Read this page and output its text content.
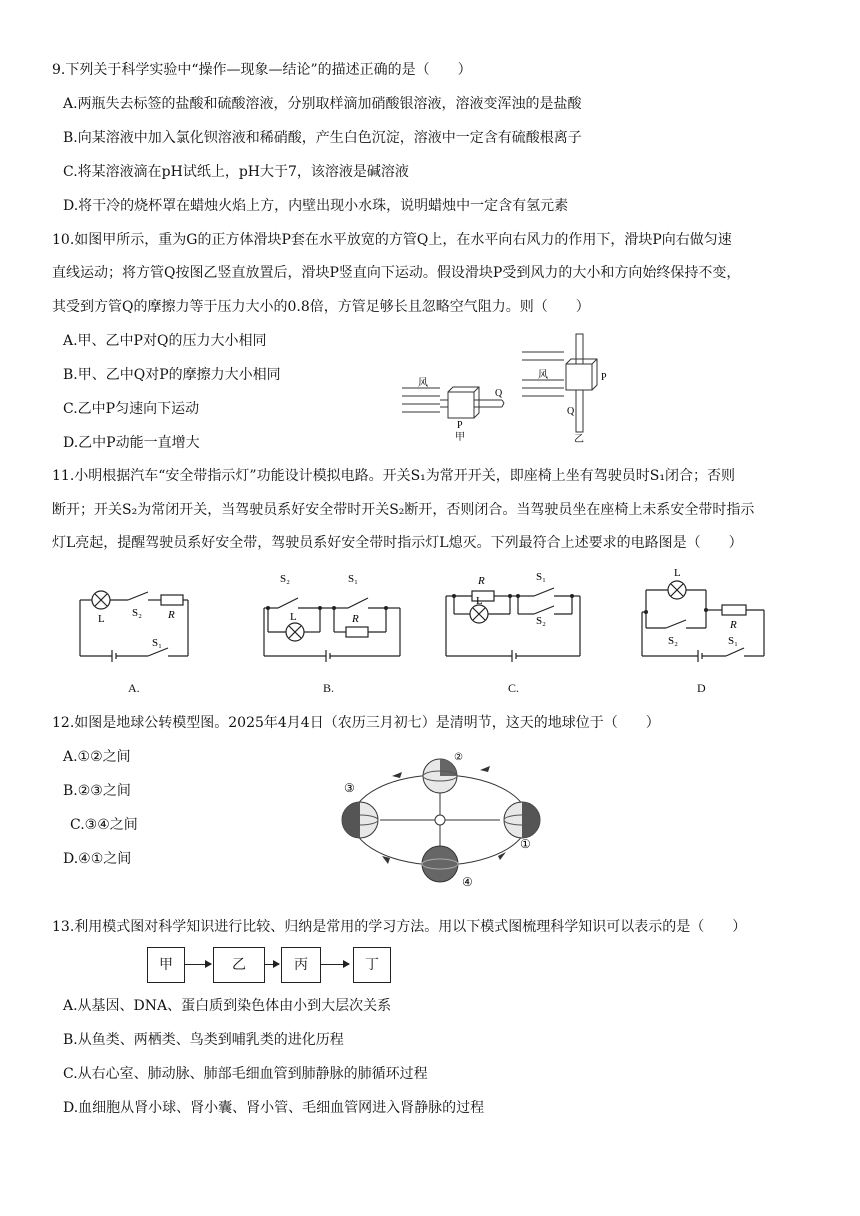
9.下列关于科学实验中“操作—现象—结论”的描述正确的是（　　）
A.两瓶失去标签的盐酸和硫酸溶液，分别取样滴加硝酸银溶液，溶液变浑浊的是盐酸
B.向某溶液中加入氯化钡溶液和稀硝酸，产生白色沉淀，溶液中一定含有硫酸根离子
C.将某溶液滴在pH试纸上，pH大于7，该溶液是碱溶液
D.将干冷的烧杯罩在蜡烛火焰上方，内壁出现小水珠，说明蜡烛中一定含有氢元素
10.如图甲所示，重为G的正方体滑块P套在水平放宽的方管Q上，在水平向右风力的作用下，滑块P向右做匀速
直线运动；将方管Q按图乙竖直放置后，滑块P竖直向下运动。假设滑块P受到风力的大小和方向始终保持不变，
其受到方管Q的摩擦力等于压力大小的0.8倍，方管足够长且忽略空气阻力。则（　　）
A.甲、乙中P对Q的压力大小相同
B.甲、乙中Q对P的摩擦力大小相同
C.乙中P匀速向下运动
D.乙中P动能一直增大
风
Q
P
甲
风	P
Q
乙
11.小明根据汽车“安全带指示灯”功能设计模拟电路。开关S₁为常开开关，即座椅上坐有驾驶员时S₁闭合；否则
断开；开关S₂为常闭开关，当驾驶员系好安全带时开关S₂断开，否则闭合。当驾驶员坐在座椅上未系安全带时指示
灯L亮起，提醒驾驶员系好安全带，驾驶员系好安全带时指示灯L熄灭。下列最符合上述要求的电路图是（　　）
L S₂ R
S₁
S₂	S₁
L	R
R	S₁
S₂
L
L
S₂
R
S₁
A.	B.	C.	D
12.如图是地球公转模型图。2025年4月4日（农历三月初七）是清明节，这天的地球位于（　　）
A.①②之间
B.②③之间
C.③④之间
D.④①之间
③
①
④
②
13.利用模式图对科学知识进行比较、归纳是常用的学习方法。用以下模式图梳理科学知识可以表示的是（　　）
甲	乙	丙	丁
A.从基因、DNA、蛋白质到染色体由小到大层次关系
B.从鱼类、两栖类、鸟类到哺乳类的进化历程
C.从右心室、肺动脉、肺部毛细血管到肺静脉的肺循环过程
D.血细胞从肾小球、肾小囊、肾小管、毛细血管网进入肾静脉的过程
